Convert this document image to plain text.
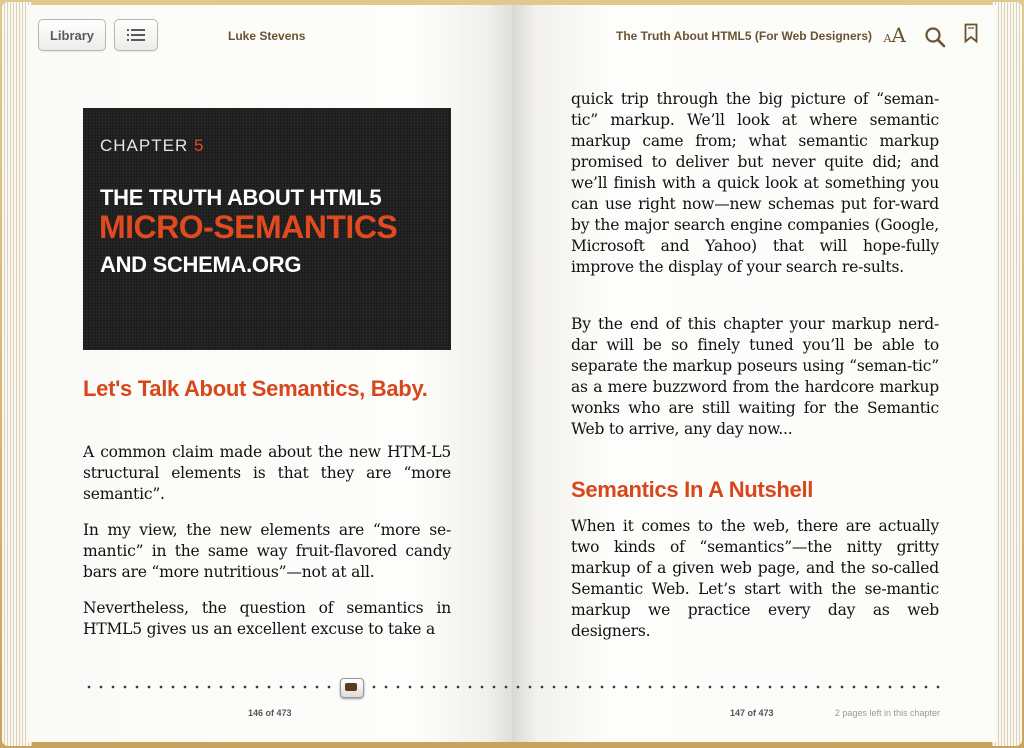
Library	Luke Stevens
CHAPTER 5
THE TRUTH ABOUT HTML5
MICRO-SEMANTICS
AND SCHEMA.ORG
Let's Talk About Semantics, Baby.

A common claim made about the new HTM-L5 structural elements is that they are “more semantic”.

In my view, the new elements are “more se-mantic” in the same way fruit-flavored candy bars are “more nutritious”—not at all.

Nevertheless, the question of semantics in HTML5 gives us an excellent excuse to take a

146 of 473
The Truth About HTML5 (For Web Designers) AA

quick trip through the big picture of “seman-tic” markup. We’ll look at where semantic markup came from; what semantic markup promised to deliver but never quite did; and we’ll finish with a quick look at something you can use right now—new schemas put for-ward by the major search engine companies (Google, Microsoft and Yahoo) that will hope-fully improve the display of your search re-sults.

By the end of this chapter your markup nerd-dar will be so finely tuned you’ll be able to separate the markup poseurs using “seman-tic” as a mere buzzword from the hardcore markup wonks who are still waiting for the Semantic Web to arrive, any day now...

Semantics In A Nutshell

When it comes to the web, there are actually two kinds of “semantics”—the nitty gritty markup of a given web page, and the so-called Semantic Web. Let’s start with the se-mantic markup we practice every day as web designers.

147 of 473	2 pages left in this chapter
